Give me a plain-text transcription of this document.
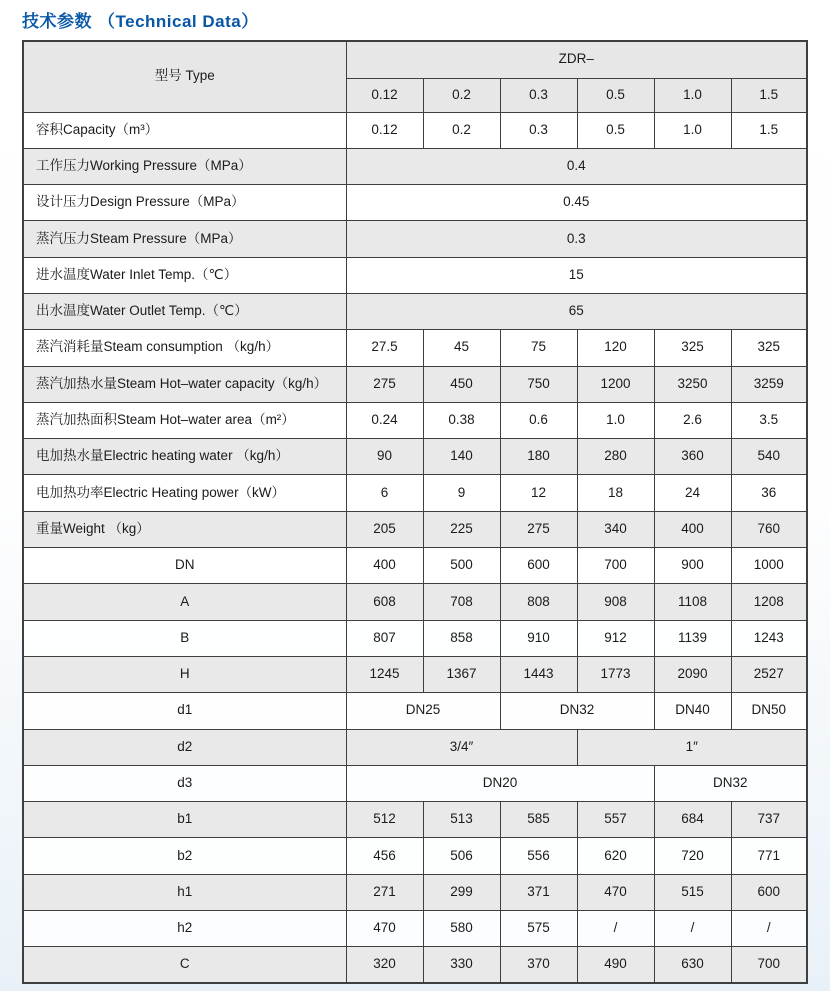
技术参数 （Technical Data）
型号 Type	ZDR–					
	0.12	0.2	0.3	0.5	1.0	1.5
容积Capacity（m³）	0.12	0.2	0.3	0.5	1.0	1.5
工作压力Working Pressure（MPa）	0.4					
设计压力Design Pressure（MPa）	0.45					
蒸汽压力Steam Pressure（MPa）	0.3					
进水温度Water Inlet Temp.（℃）	15					
出水温度Water Outlet Temp.（℃）	65					
蒸汽消耗量Steam consumption （kg/h）	27.5	45	75	120	325	325
蒸汽加热水量Steam Hot–water capacity（kg/h）	275	450	750	1200	3250	3259
蒸汽加热面积Steam Hot–water area（m²）	0.24	0.38	0.6	1.0	2.6	3.5
电加热水量Electric heating water （kg/h）	90	140	180	280	360	540
电加热功率Electric Heating power（kW）	6	9	12	18	24	36
重量Weight （kg）	205	225	275	340	400	760
DN	400	500	600	700	900	1000
A	608	708	808	908	1108	1208
B	807	858	910	912	1139	1243
H	1245	1367	1443	1773	2090	2527
d1	DN25		DN32		DN40	DN50
d2	3/4″			1″		
d3	DN20				DN32	
b1	512	513	585	557	684	737
b2	456	506	556	620	720	771
h1	271	299	371	470	515	600
h2	470	580	575	/	/	/
C	320	330	370	490	630	700
